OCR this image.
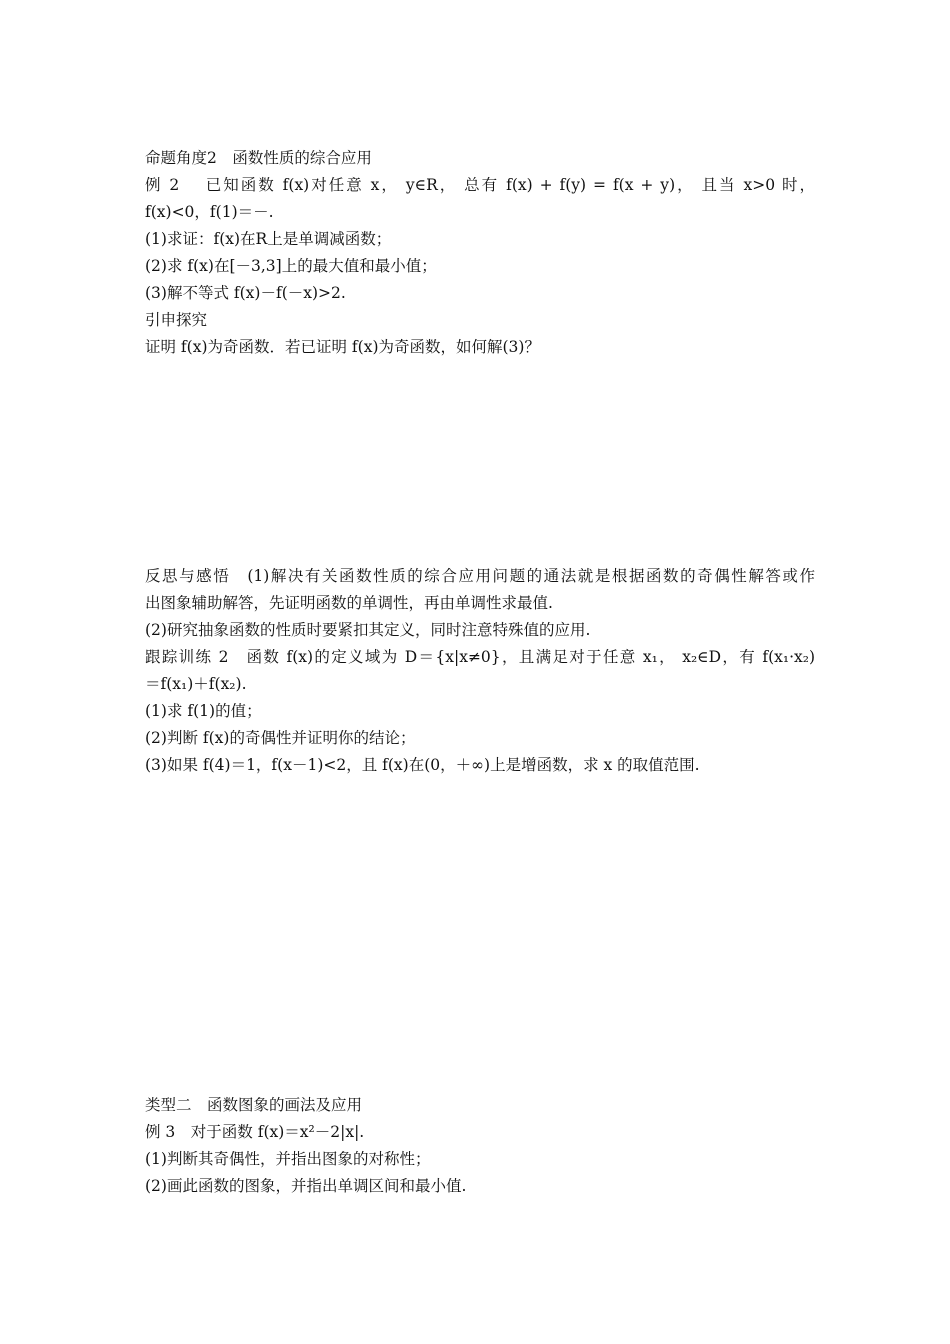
命题角度2　函数性质的综合应用
例 2　 已知函数 f(x)对任意 x， y∈R， 总有 f(x) + f(y) = f(x + y)， 且当 x>0 时，
f(x)<0，f(1)＝－.
(1)求证：f(x)在R上是单调减函数；
(2)求 f(x)在[－3,3]上的最大值和最小值；
(3)解不等式 f(x)－f(－x)>2.
引申探究
证明 f(x)为奇函数．若已证明 f(x)为奇函数，如何解(3)？
反思与感悟　(1)解决有关函数性质的综合应用问题的通法就是根据函数的奇偶性解答或作
出图象辅助解答，先证明函数的单调性，再由单调性求最值.
(2)研究抽象函数的性质时要紧扣其定义，同时注意特殊值的应用.
跟踪训练 2　函数 f(x)的定义域为 D＝{x|x≠0}，且满足对于任意 x₁， x₂∈D，有 f(x₁·x₂)
＝f(x₁)＋f(x₂).
(1)求 f(1)的值；
(2)判断 f(x)的奇偶性并证明你的结论；
(3)如果 f(4)＝1，f(x－1)<2，且 f(x)在(0，＋∞)上是增函数，求 x 的取值范围.
类型二　函数图象的画法及应用
例 3　对于函数 f(x)＝x²－2|x|.
(1)判断其奇偶性，并指出图象的对称性；
(2)画此函数的图象，并指出单调区间和最小值.
